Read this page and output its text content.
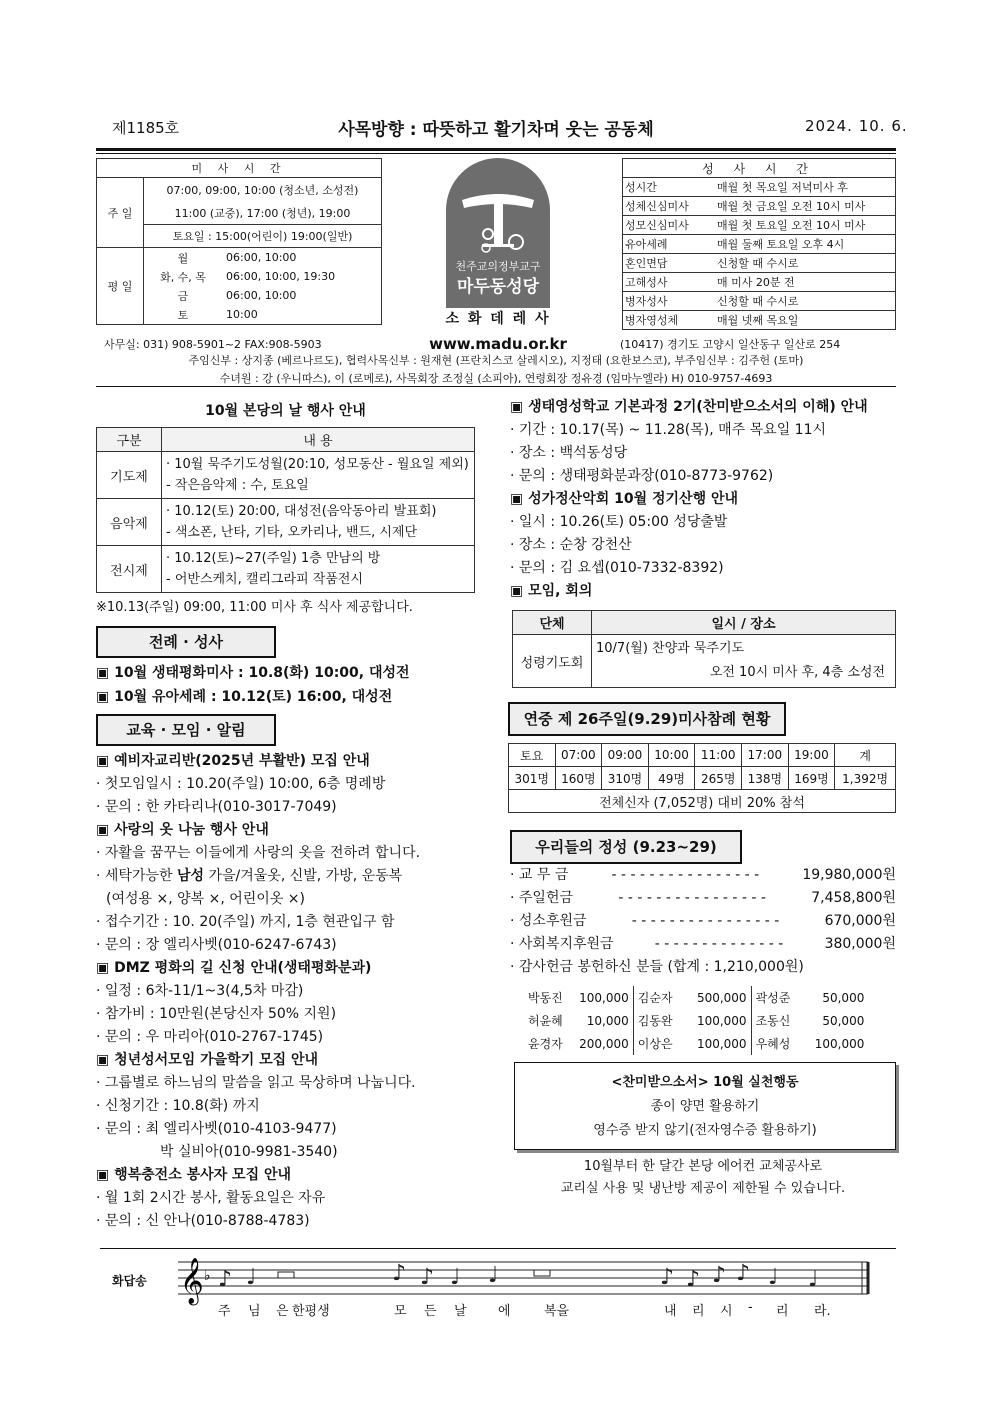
제1185호	사목방향 : 따뜻하고 활기차며 웃는 공동체	2024. 10. 6.
미 사 시 간		
주 일	07:00, 09:00, 10:00 (청소년, 소성전)	
	11:00 (교중), 17:00 (청년), 19:00	
	토요일 : 15:00(어린이) 19:00(일반)	
평 일	월	06:00, 10:00
	화, 수, 목	06:00, 10:00, 19:30
	금	06:00, 10:00
	토	10:00
천주교의정부교구
마두동성당
소 화 데 레 사
www.madu.or.kr
성 사 시 간	
성시간	매월 첫 목요일 저녁미사 후
성체신심미사	매월 첫 금요일 오전 10시 미사
성모신심미사	매월 첫 토요일 오전 10시 미사
유아세례	매월 둘째 토요일 오후 4시
혼인면담	신청할 때 수시로
고해성사	매 미사 20분 전
병자성사	신청할 때 수시로
병자영성체	매월 넷째 목요일
사무실: 031) 908-5901~2 FAX:908-5903	(10417) 경기도 고양시 일산동구 일산로 254
주임신부 : 상지종 (베르나르도), 협력사목신부 : 원재현 (프란치스코 살레시오), 지정태 (요한보스코), 부주임신부 : 김주헌 (토마)
수녀원 : 강 (우니따스), 이 (로메로), 사목회장 조정실 (소피아), 연령회장 정유경 (임마누엘라) H) 010-9757-4693
10월 본당의 날 행사 안내
구분	내 용
기도제	· 10월 묵주기도성월(20:10, 성모동산 - 월요일 제외)
- 작은음악제 : 수, 토요일

음악제	· 10.12(토) 20:00, 대성전(음악동아리 발표회)
- 색소폰, 난타, 기타, 오카리나, 밴드, 시제단

전시제	· 10.12(토)~27(주일) 1층 만남의 방
- 어반스케치, 캘리그라피 작품전시
※10.13(주일) 09:00, 11:00 미사 후 식사 제공합니다.
전례 · 성사
▣ 10월 생태평화미사 : 10.8(화) 10:00, 대성전
▣ 10월 유아세례 : 10.12(토) 16:00, 대성전
교육 · 모임 · 알림
▣ 예비자교리반(2025년 부활반) 모집 안내
· 첫모임일시 : 10.20(주일) 10:00, 6층 명례방
· 문의 : 한 카타리나(010-3017-7049)
▣ 사랑의 옷 나눔 행사 안내
· 자활을 꿈꾸는 이들에게 사랑의 옷을 전하려 합니다.
· 세탁가능한 남성 가을/겨울옷, 신발, 가방, 운동복
(여성용 ×, 양복 ×, 어린이옷 ×)
· 접수기간 : 10. 20(주일) 까지, 1층 현관입구 함
· 문의 : 장 엘리사벳(010-6247-6743)
▣ DMZ 평화의 길 신청 안내(생태평화분과)
· 일정 : 6차-11/1~3(4,5차 마감)
· 참가비 : 10만원(본당신자 50% 지원)
· 문의 : 우 마리아(010-2767-1745)
▣ 청년성서모임 가을학기 모집 안내
· 그룹별로 하느님의 말씀을 읽고 묵상하며 나눕니다.
· 신청기간 : 10.8(화) 까지
· 문의 : 최 엘리사벳(010-4103-9477)
박 실비아(010-9981-3540)
▣ 행복충전소 봉사자 모집 안내
· 월 1회 2시간 봉사, 활동요일은 자유
· 문의 : 신 안나(010-8788-4783)
▣ 생태영성학교 기본과정 2기(찬미받으소서의 이해) 안내
· 기간 : 10.17(목) ~ 11.28(목), 매주 목요일 11시
· 장소 : 백석동성당
· 문의 : 생태평화분과장(010-8773-9762)
▣ 성가정산악회 10월 정기산행 안내
· 일시 : 10.26(토) 05:00 성당출발
· 장소 : 순창 강천산
· 문의 : 김 요셉(010-7332-8392)
▣ 모임, 회의
단체	일시 / 장소
성령기도회	10/7(월) 찬양과 묵주기도
오전 10시 미사 후, 4층 소성전
연중 제 26주일(9.29)미사참례 현황
토요	07:00	09:00	10:00	11:00	17:00	19:00	계
301명	160명	310명	49명	265명	138명	169명	1,392명
전체신자 (7,052명) 대비 20% 참석							
우리들의 정성 (9.23~29)
· 교 무 금	- - - - - - - - - - - - - - - -	19,980,000원
· 주일헌금	- - - - - - - - - - - - - - - -	7,458,800원
· 성소후원금	- - - - - - - - - - - - - - - -	670,000원
· 사회복지후원금	- - - - - - - - - - - - - -	380,000원
· 감사헌금 봉헌하신 분들 (합계 : 1,210,000원)
박동진	100,000	김순자	500,000	곽성준	50,000
허윤혜	10,000	김동완	100,000	조동신	50,000
윤경자	200,000	이상은	100,000	우혜성	100,000
<찬미받으소서> 10월 실천행동
종이 양면 활용하기
영수증 받지 않기(전자영수증 활용하기)
10월부터 한 달간 본당 에어컨 교체공사로
교리실 사용 및 냉난방 제공이 제한될 수 있습니다.
화답송 𝄞 ♭ ♪ ♩	♪ ♪ ♩ ♩	♪ ♪ ♪ ♪ ♩ ♩
주 님 은 한평생	모 든 날 에	복을	내 리 시 - 리 라.
